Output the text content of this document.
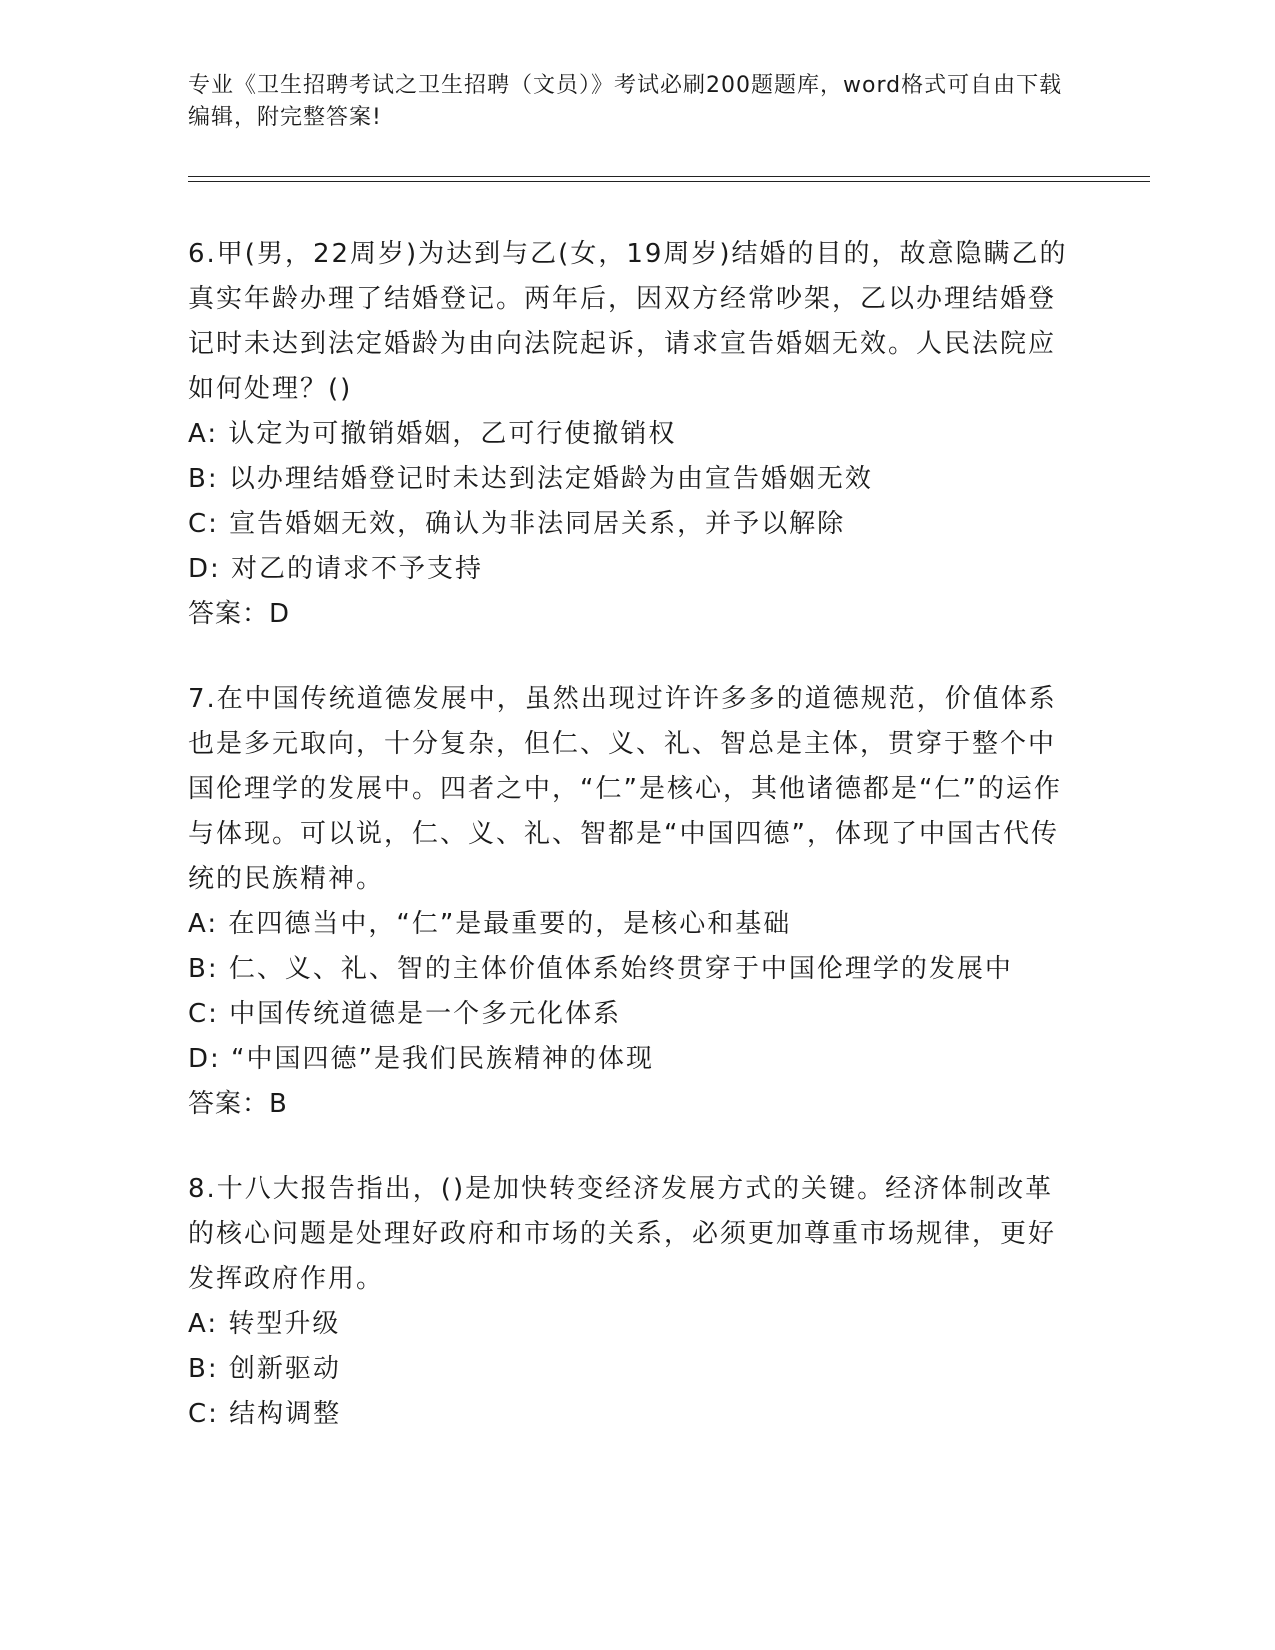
专业《卫生招聘考试之卫生招聘（文员）》考试必刷200题题库，word格式可自由下载编辑，附完整答案!
6.甲(男，22周岁)为达到与乙(女，19周岁)结婚的目的，故意隐瞒乙的真实年龄办理了结婚登记。两年后，因双方经常吵架，乙以办理结婚登记时未达到法定婚龄为由向法院起诉，请求宣告婚姻无效。人民法院应如何处理？()
A: 认定为可撤销婚姻，乙可行使撤销权
B: 以办理结婚登记时未达到法定婚龄为由宣告婚姻无效
C: 宣告婚姻无效，确认为非法同居关系，并予以解除
D: 对乙的请求不予支持
答案：D
7.在中国传统道德发展中，虽然出现过许许多多的道德规范，价值体系也是多元取向，十分复杂，但仁、义、礼、智总是主体，贯穿于整个中国伦理学的发展中。四者之中，“仁”是核心，其他诸德都是“仁”的运作与体现。可以说，仁、义、礼、智都是“中国四德”，体现了中国古代传统的民族精神。
A: 在四德当中，“仁”是最重要的，是核心和基础
B: 仁、义、礼、智的主体价值体系始终贯穿于中国伦理学的发展中
C: 中国传统道德是一个多元化体系
D: “中国四德”是我们民族精神的体现
答案：B
8.十八大报告指出，()是加快转变经济发展方式的关键。经济体制改革的核心问题是处理好政府和市场的关系，必须更加尊重市场规律，更好发挥政府作用。
A: 转型升级
B: 创新驱动
C: 结构调整
